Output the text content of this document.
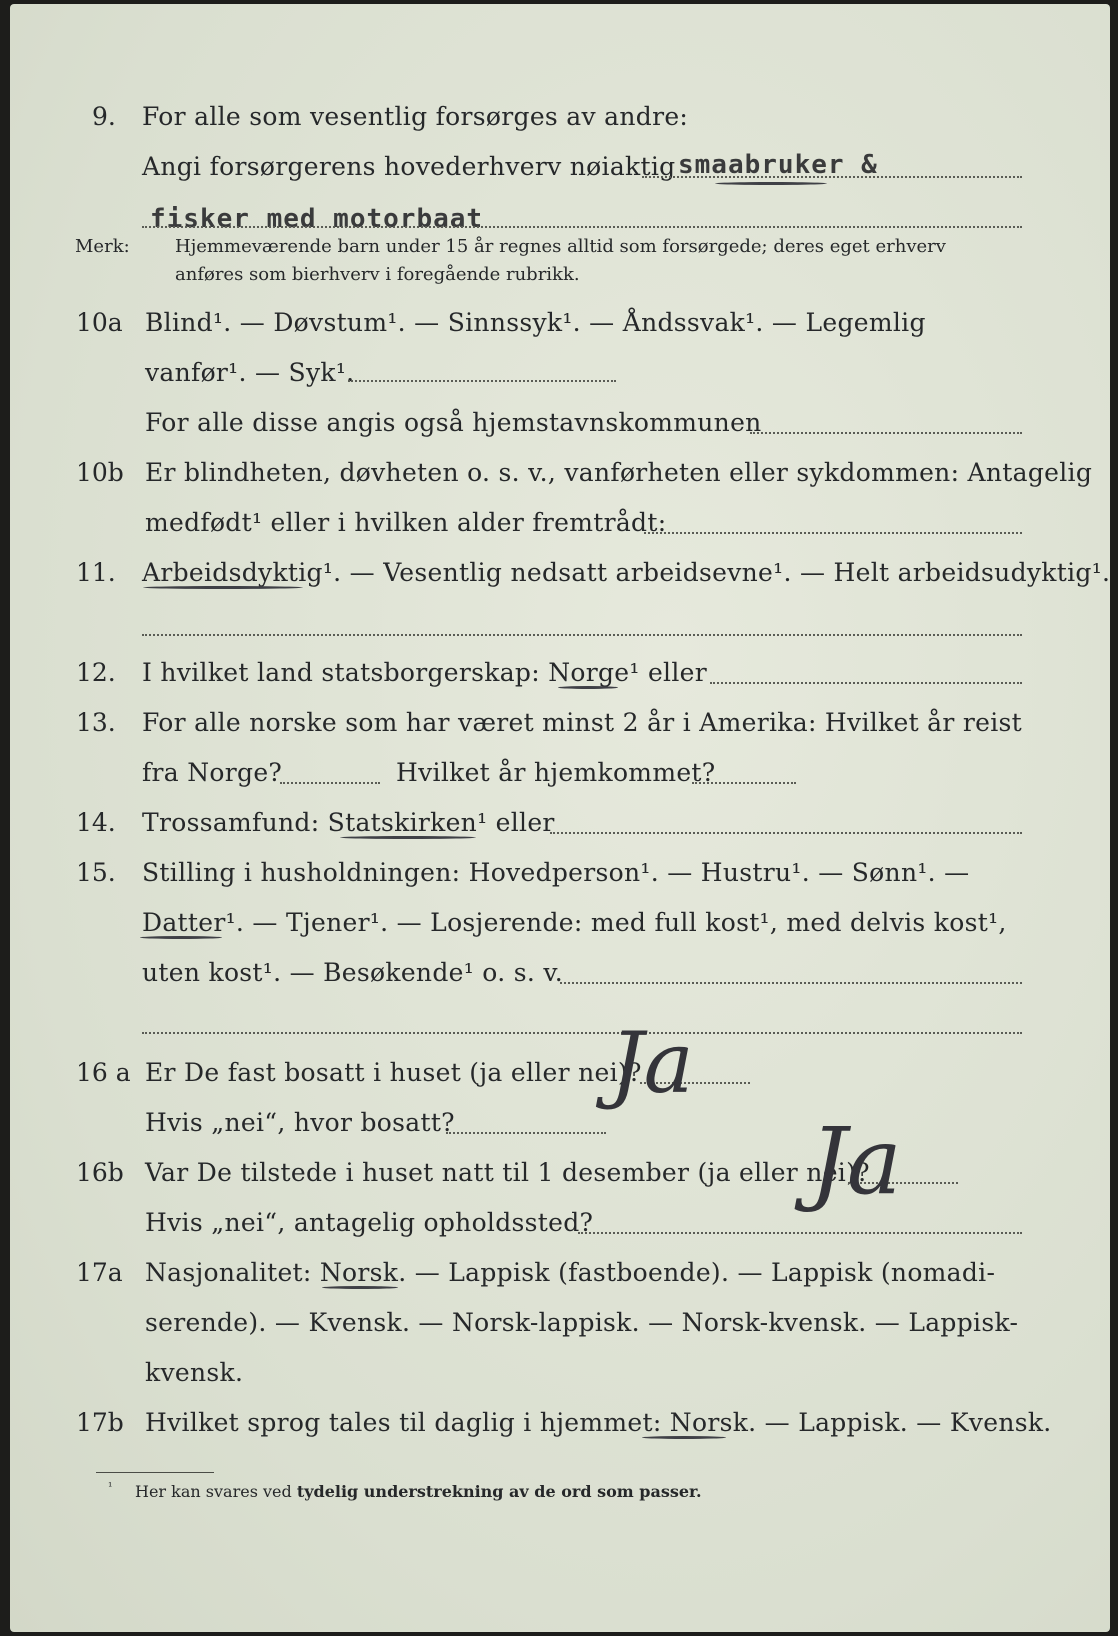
9. For alle som vesentlig forsørges av andre:
Angi forsørgerens hovederhverv nøiaktig smaabruker &
fisker med motorbaat
Merk:	Hjemmeværende barn under 15 år regnes alltid som forsørgede; deres eget erhverv
anføres som bierhverv i foregående rubrikk.
10a Blind¹. — Døvstum¹. — Sinnssyk¹. — Åndssvak¹. — Legemlig
vanfør¹. — Syk¹.
For alle disse angis også hjemstavnskommunen
10b Er blindheten, døvheten o. s. v., vanførheten eller sykdommen: Antagelig
medfødt¹ eller i hvilken alder fremtrådt:
11. Arbeidsdyktig¹. — Vesentlig nedsatt arbeidsevne¹. — Helt arbeidsudyktig¹.
12. I hvilket land statsborgerskap: Norge¹ eller
13. For alle norske som har været minst 2 år i Amerika: Hvilket år reist
fra Norge?	Hvilket år hjemkommet?
14. Trossamfund: Statskirken¹ eller
15. Stilling i husholdningen: Hovedperson¹. — Hustru¹. — Sønn¹. —
Datter¹. — Tjener¹. — Losjerende: med full kost¹, med delvis kost¹,
uten kost¹. — Besøkende¹ o. s. v.
16 a Er De fast bosatt i huset (ja eller nei)?
Ja
Hvis „nei“, hvor bosatt?
16b Var De tilstede i huset natt til 1 desember (ja eller nei)?
Ja
Hvis „nei“, antagelig opholdssted?
17a Nasjonalitet: Norsk. — Lappisk (fastboende). — Lappisk (nomadi-
serende). — Kvensk. — Norsk-lappisk. — Norsk-kvensk. — Lappisk-
kvensk.
17b Hvilket sprog tales til daglig i hjemmet: Norsk. — Lappisk. — Kvensk.
¹ Her kan svares ved tydelig understrekning av de ord som passer.
